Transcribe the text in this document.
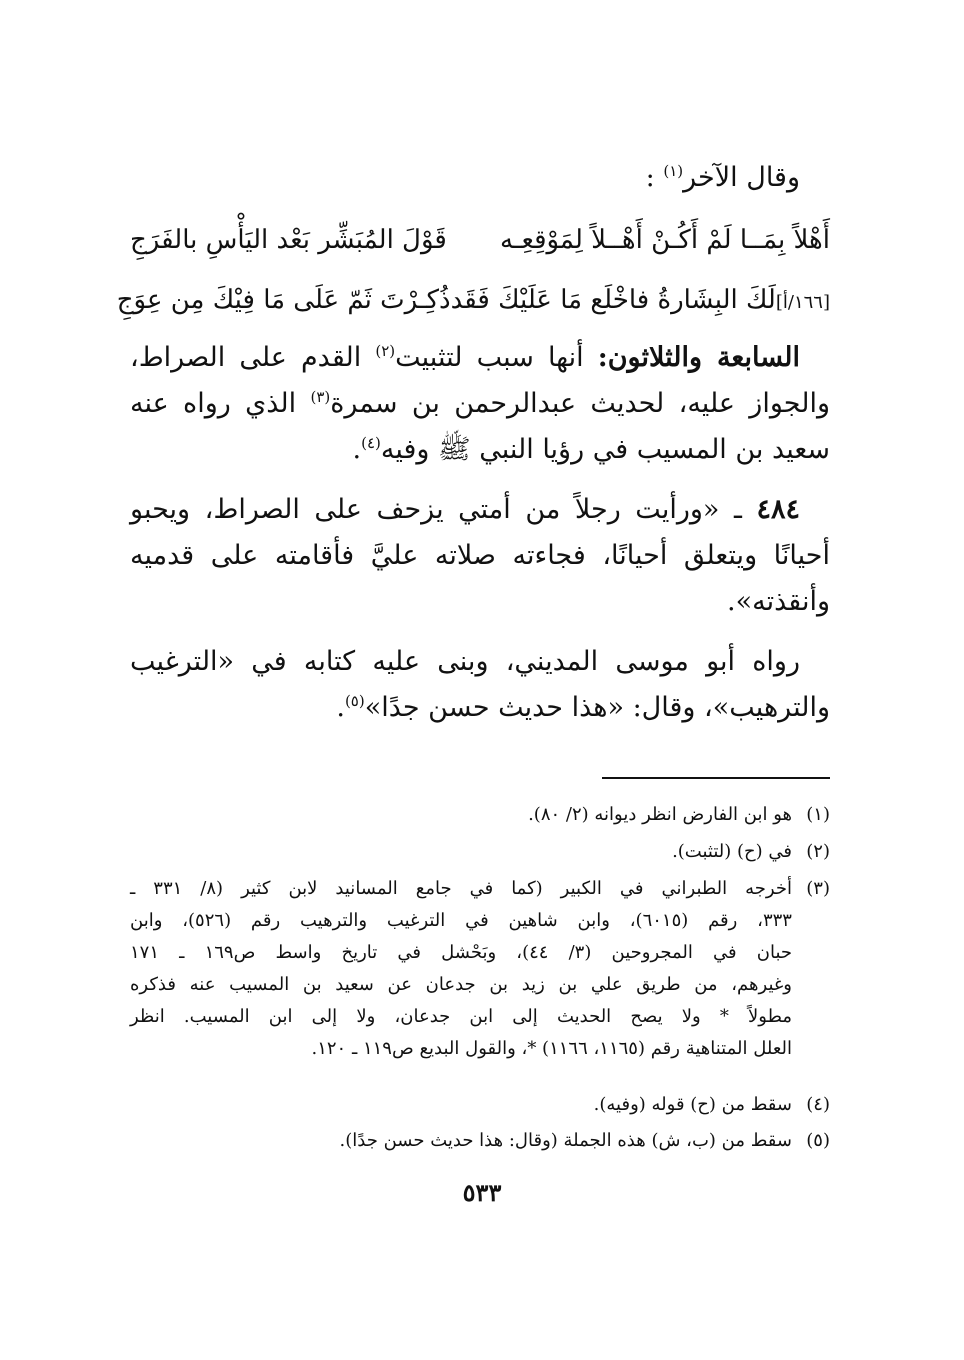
وقال الآخر$^{(١)}$ :
أَهْلاً بِمَــا لَمْ أَكُـنْ أَهْــلاً لِمَوْقِعِـه
قَوْلَ المُبَشِّر بَعْد اليَأْسِ بالفَرَجِ
[١٦٦/أ]لَكَ البِشَارةُ فاخْلَع مَا عَلَيْكَ فَقَد
ذُكِـرْتَ ثَمّ عَلَى مَا فِيْكَ مِن عِوَجِ
السابعة والثلاثون: أنها سبب لتثبيت$^{(٢)}$ القدم على الصراط،
والجواز عليه، لحديث عبدالرحمن بن سمرة$^{(٣)}$ الذي رواه عنه
سعيد بن المسيب في رؤيا النبي ﷺ وفيه$^{(٤)}$.
٤٨٤ ـ «ورأيت رجلاً من أمتي يزحف على الصراط، ويحبو
أحيانًا ويتعلق أحيانًا، فجاءته صلاته عليَّ فأقامته على قدميه
وأنقذته».
رواه أبو موسى المديني، وبنى عليه كتابه في «الترغيب
والترهيب»، وقال: «هذا حديث حسن جدًا»$^{(٥)}$.
(١)
هو ابن الفارض انظر ديوانه (٢/ ٨٠).
(٢)
في (ح) (لتثبت).
(٣)
أخرجه الطبراني في الكبير (كما في جامع المسانيد لابن كثير (٨/ ٣٣١ ـ
٣٣٣، رقم (٦٠١٥)، وابن شاهين في الترغيب والترهيب رقم (٥٢٦)، وابن
حبان في المجروحين (٣/ ٤٤)، وبَحْشل في تاريخ واسط ص١٦٩ ـ ١٧١
وغيرهم، من طريق علي بن زيد بن جدعان عن سعيد بن المسيب عنه فذكره
مطولاً * ولا يصح الحديث إلى ابن جدعان، ولا إلى ابن المسيب. انظر
العلل المتناهية رقم (١١٦٥، ١١٦٦) *، والقول البديع ص١١٩ ـ ١٢٠.
(٤)
سقط من (ح) قوله (وفيه).
(٥)
سقط من (ب، ش) هذه الجملة (وقال: هذا حديث حسن جدًا).
٥٣٣
